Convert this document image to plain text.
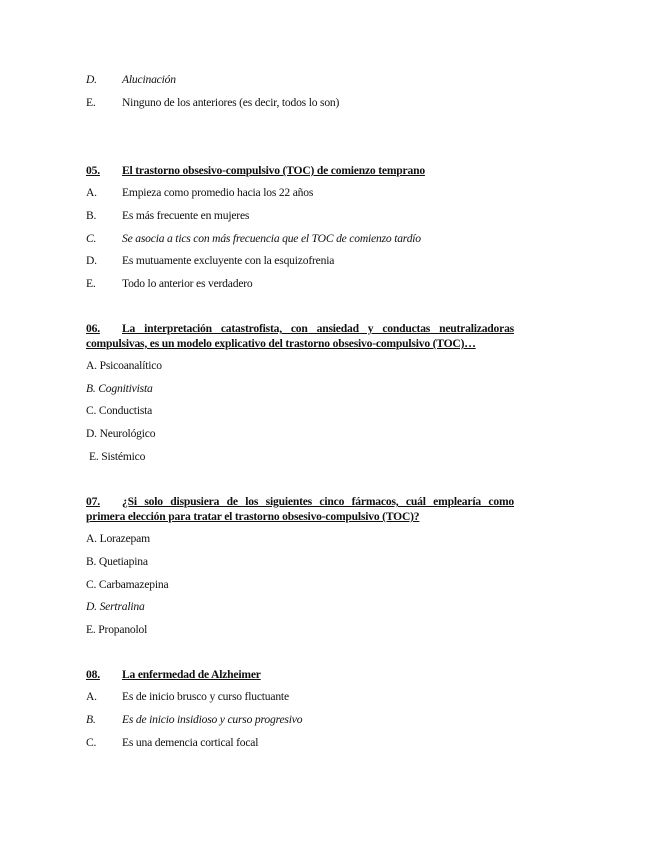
D. Alucinación
E. Ninguno de los anteriores (es decir, todos lo son)
05. El trastorno obsesivo-compulsivo (TOC) de comienzo temprano
A. Empieza como promedio hacia los 22 años
B. Es más frecuente en mujeres
C. Se asocia a tics con más frecuencia que el TOC de comienzo tardío
D. Es mutuamente excluyente con la esquizofrenia
E. Todo lo anterior es verdadero
06. La interpretación catastrofista, con ansiedad y conductas neutralizadoras
compulsivas, es un modelo explicativo del trastorno obsesivo-compulsivo (TOC)…
A. Psicoanalítico
B. Cognitivista
C. Conductista
D. Neurológico
E. Sistémico
07. ¿Si solo dispusiera de los siguientes cinco fármacos, cuál emplearía como
primera elección para tratar el trastorno obsesivo-compulsivo (TOC)?
A. Lorazepam
B. Quetiapina
C. Carbamazepina
D. Sertralina
E. Propanolol
08. La enfermedad de Alzheimer
A. Es de inicio brusco y curso fluctuante
B. Es de inicio insidioso y curso progresivo
C. Es una demencia cortical focal
